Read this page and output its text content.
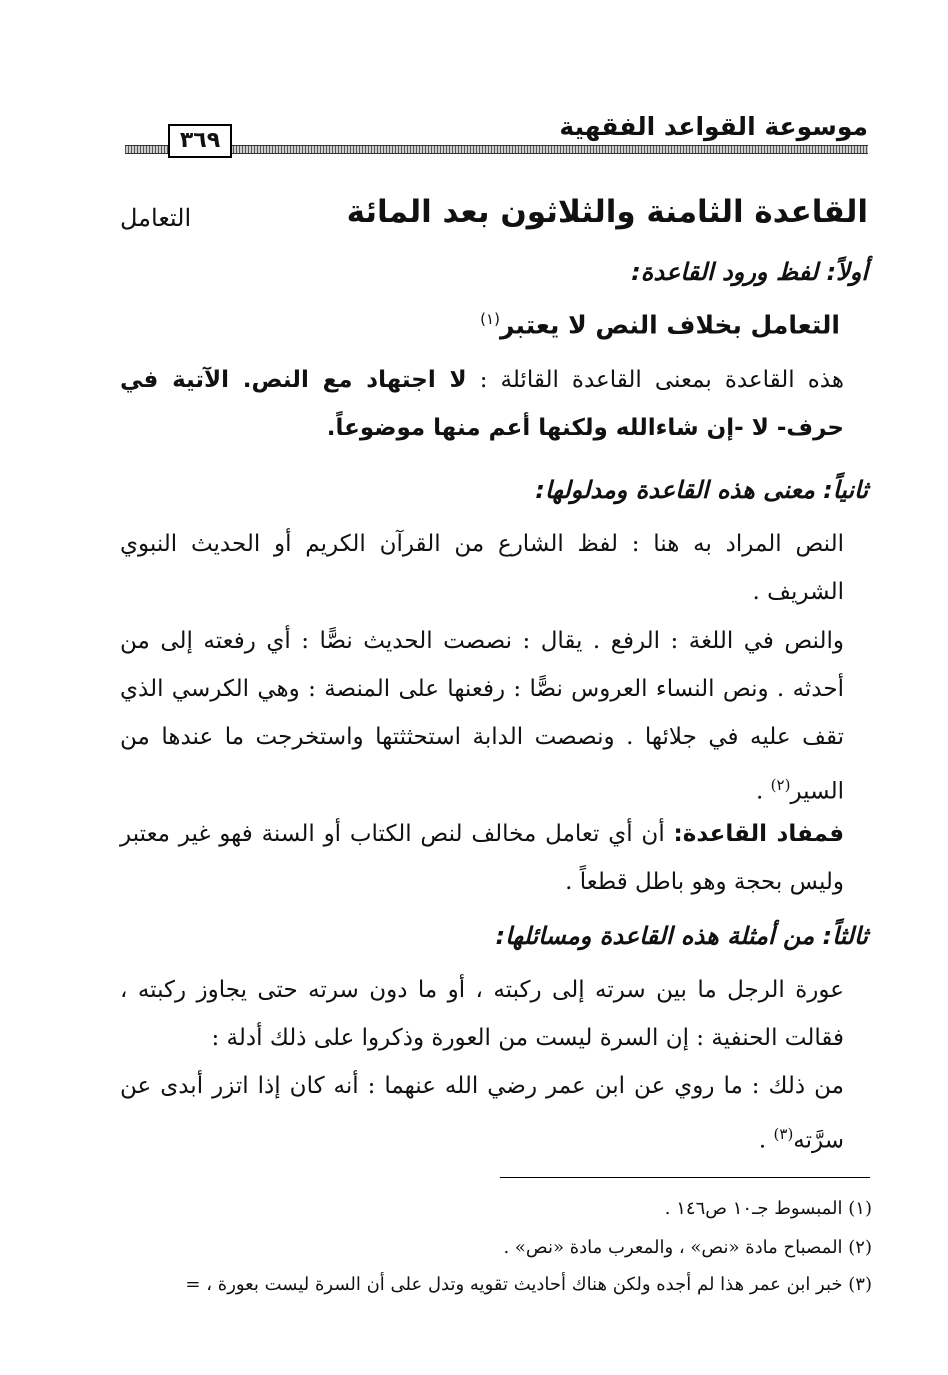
موسوعة القواعد الفقهية
٣٦٩
القاعدة الثامنة والثلاثون بعد المائة
التعامل
أولاً: لفظ ورود القاعدة:
التعامل بخلاف النص لا يعتبر$^{(١)}$
هذه القاعدة بمعنى القاعدة القائلة : لا اجتهاد مع النص. الآتية في حرف- لا -إن شاءالله ولكنها أعم منها موضوعاً.
ثانياً: معنى هذه القاعدة ومدلولها:
النص المراد به هنا : لفظ الشارع من القرآن الكريم أو الحديث النبوي الشريف .
والنص في اللغة : الرفع . يقال : نصصت الحديث نصًّا : أي رفعته إلى من أحدثه . ونص النساء العروس نصًّا : رفعنها على المنصة : وهي الكرسي الذي تقف عليه في جلائها . ونصصت الدابة استحثثتها واستخرجت ما عندها من السير$^{(٢)}$ .
فمفاد القاعدة: أن أي تعامل مخالف لنص الكتاب أو السنة فهو غير معتبر وليس بحجة وهو باطل قطعاً .
ثالثاً: من أمثلة هذه القاعدة ومسائلها:
عورة الرجل ما بين سرته إلى ركبته ، أو ما دون سرته حتى يجاوز ركبته ، فقالت الحنفية : إن السرة ليست من العورة وذكروا على ذلك أدلة :
من ذلك : ما روي عن ابن عمر رضي الله عنهما : أنه كان إذا اتزر أبدى عن سرَّته$^{(٣)}$ .
(١) المبسوط جـ١٠ ص١٤٦ .
(٢) المصباح مادة «نص» ، والمعرب مادة «نص» .
(٣) خبر ابن عمر هذا لم أجده ولكن هناك أحاديث تقويه وتدل على أن السرة ليست بعورة ، =
